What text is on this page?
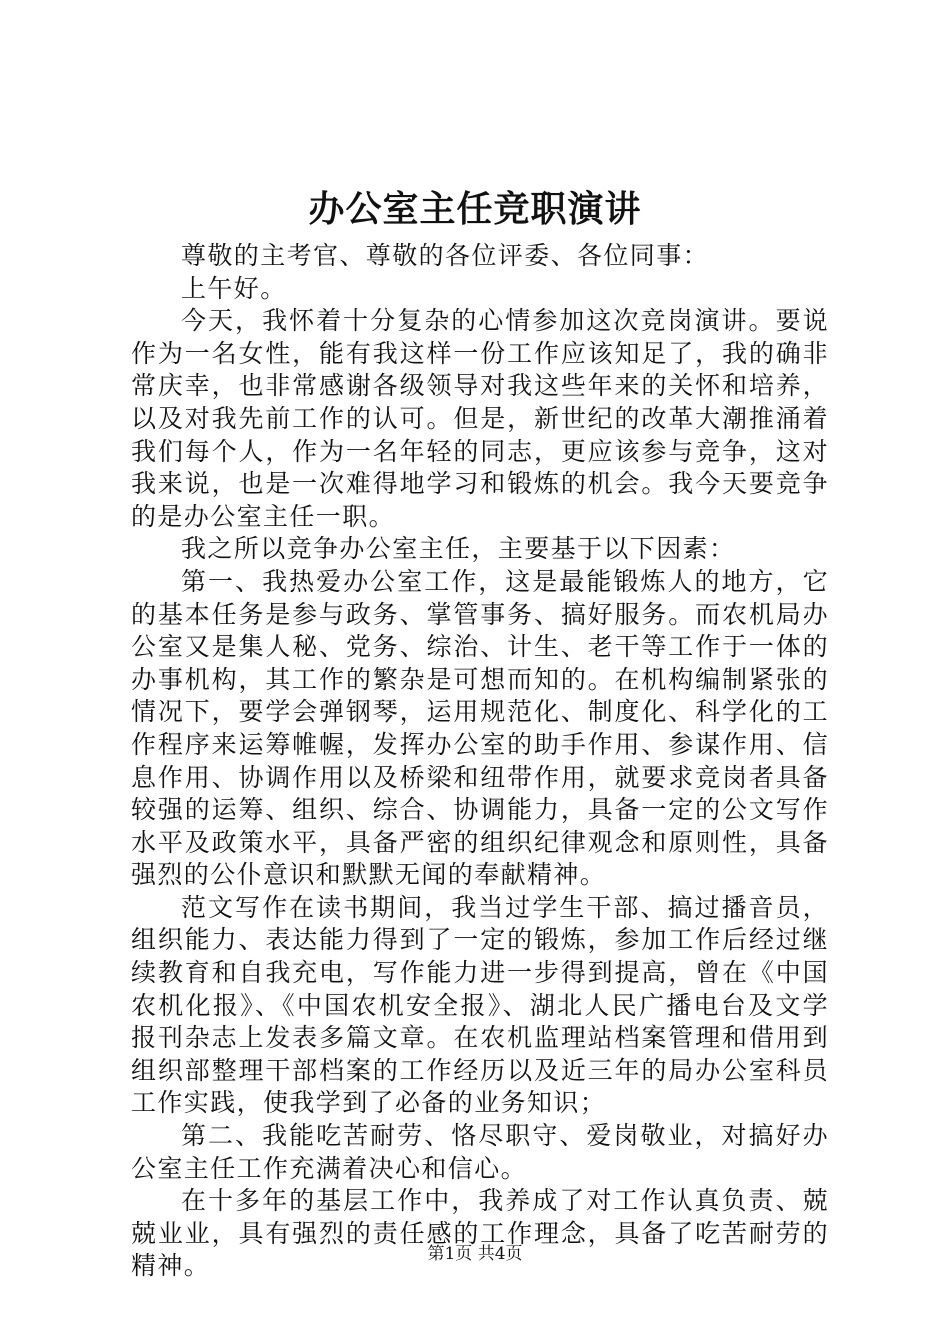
办公室主任竞职演讲

尊敬的主考官、尊敬的各位评委、各位同事：

上午好。

今天，我怀着十分复杂的心情参加这次竞岗演讲。要说作为一名女性，能有我这样一份工作应该知足了，我的确非常庆幸，也非常感谢各级领导对我这些年来的关怀和培养，以及对我先前工作的认可。但是，新世纪的改革大潮推涌着我们每个人，作为一名年轻的同志，更应该参与竞争，这对我来说，也是一次难得地学习和锻炼的机会。我今天要竞争的是办公室主任一职。

我之所以竞争办公室主任，主要基于以下因素：

第一、我热爱办公室工作，这是最能锻炼人的地方，它的基本任务是参与政务、掌管事务、搞好服务。而农机局办公室又是集人秘、党务、综治、计生、老干等工作于一体的办事机构，其工作的繁杂是可想而知的。在机构编制紧张的情况下，要学会弹钢琴，运用规范化、制度化、科学化的工作程序来运筹帷幄，发挥办公室的助手作用、参谋作用、信息作用、协调作用以及桥梁和纽带作用，就要求竞岗者具备较强的运筹、组织、综合、协调能力，具备一定的公文写作水平及政策水平，具备严密的组织纪律观念和原则性，具备强烈的公仆意识和默默无闻的奉献精神。

范文写作在读书期间，我当过学生干部、搞过播音员，组织能力、表达能力得到了一定的锻炼，参加工作后经过继续教育和自我充电，写作能力进一步得到提高，曾在《中国农机化报》、《中国农机安全报》、湖北人民广播电台及文学报刊杂志上发表多篇文章。在农机监理站档案管理和借用到组织部整理干部档案的工作经历以及近三年的局办公室科员工作实践，使我学到了必备的业务知识；

第二、我能吃苦耐劳、恪尽职守、爱岗敬业，对搞好办公室主任工作充满着决心和信心。

在十多年的基层工作中，我养成了对工作认真负责、兢兢业业，具有强烈的责任感的工作理念，具备了吃苦耐劳的精神。	第1页 共4页
